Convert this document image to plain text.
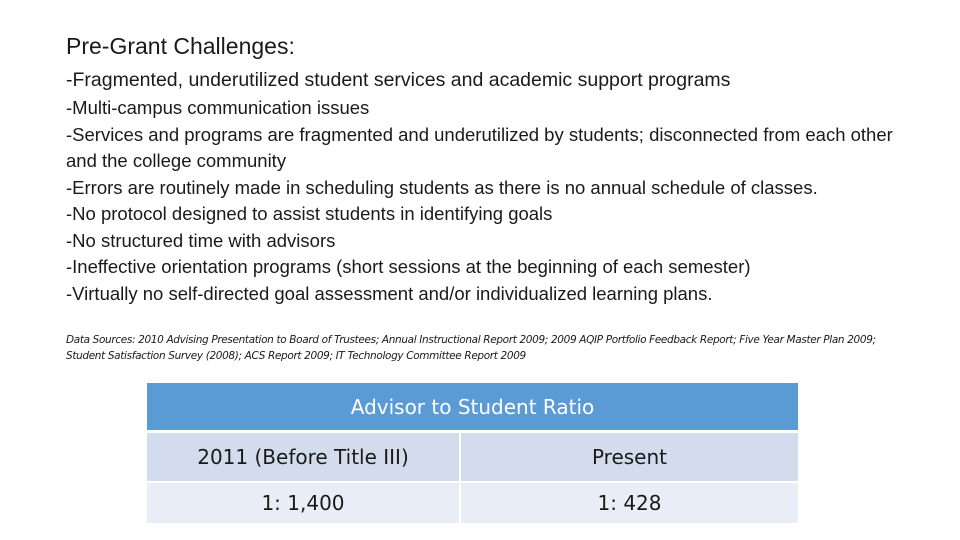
Pre-Grant Challenges:
-Fragmented, underutilized student services and academic support programs
-Multi-campus communication issues
-Services and programs are fragmented and underutilized by students; disconnected from each other and the college community
-Errors are routinely made in scheduling students as there is no annual schedule of classes.
-No protocol designed to assist students in identifying goals
-No structured time with advisors
-Ineffective orientation programs (short sessions at the beginning of each semester)
-Virtually no self-directed goal assessment and/or individualized learning plans.
Data Sources: 2010 Advising Presentation to Board of Trustees; Annual Instructional Report 2009; 2009 AQIP Portfolio Feedback Report; Five Year Master Plan 2009; Student Satisfaction Survey (2008); ACS Report 2009; IT Technology Committee Report 2009
Advisor to Student Ratio	
2011 (Before Title III)	Present
1: 1,400	1: 428
